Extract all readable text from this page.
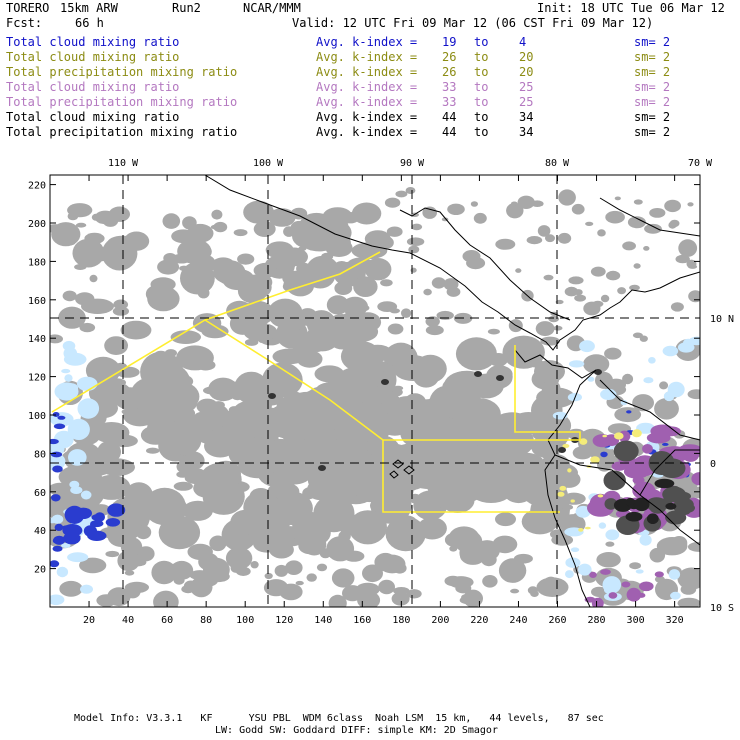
TORERO 15km ARW	Run2	NCAR/MMM	Init: 18 UTC Tue 06 Mar 12
Fcst:	66 h	Valid: 12 UTC Fri 09 Mar 12 (06 CST Fri 09 Mar 12)
Total cloud mixing ratio	Avg. k-index = 19 to	4	sm= 2
Total cloud mixing ratio	Avg. k-index = 26 to	20	sm= 2
Total precipitation mixing ratio	Avg. k-index = 26 to	20	sm= 2
Total cloud mixing ratio	Avg. k-index = 33 to	25	sm= 2
Total precipitation mixing ratio	Avg. k-index = 33 to	25	sm= 2
Total cloud mixing ratio	Avg. k-index = 44 to	34	sm= 2
Total precipitation mixing ratio	Avg. k-index = 44 to	34	sm= 2
20	40	60	80 100 120 140 160 180 200 220 240 260 280 300 320
20
40
60
80
100
120
140
160
180
200
220
110 W	100 W	90 W	80 W	70 W
10 N
0
10 S
Model Info: V3.3.1   KF      YSU PBL  WDM 6class  Noah LSM  15 km,   44 levels,   87 sec
LW: Godd SW: Goddard DIFF: simple KM: 2D Smagor
